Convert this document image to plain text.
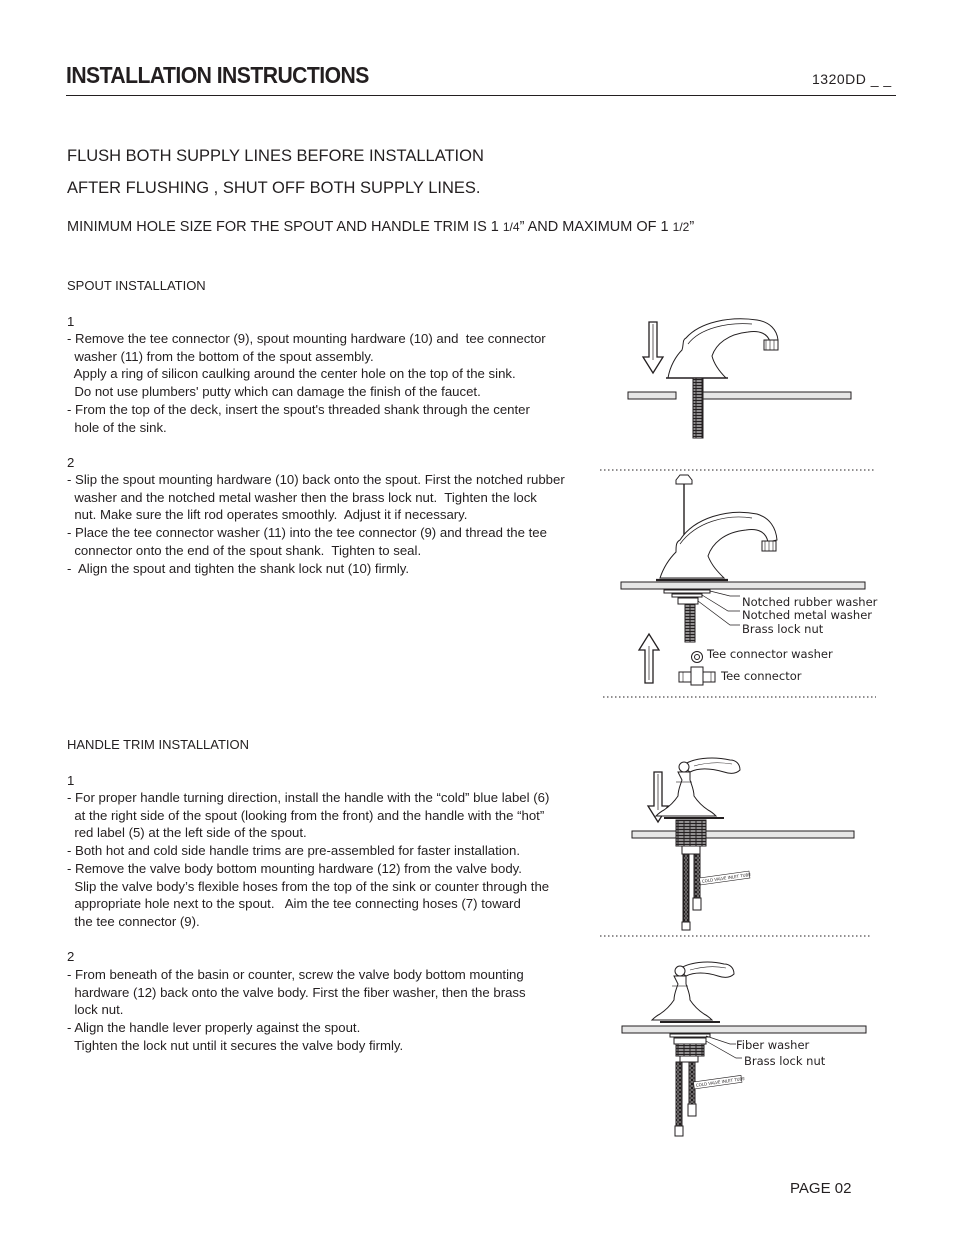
INSTALLATION INSTRUCTIONS	1320DD _ _
FLUSH BOTH SUPPLY LINES BEFORE INSTALLATION
AFTER FLUSHING , SHUT OFF BOTH SUPPLY LINES.
MINIMUM HOLE SIZE FOR THE SPOUT AND HANDLE TRIM IS 1 1/4” AND MAXIMUM OF 1 1/2”
SPOUT INSTALLATION
1
- Remove the tee connector (9), spout mounting hardware (10) and  tee connector
washer (11) from the bottom of the spout assembly.
Apply a ring of silicon caulking around the center hole on the top of the sink.
Do not use plumbers' putty which can damage the finish of the faucet.
- From the top of the deck, insert the spout's threaded shank through the center
hole of the sink.
2
- Slip the spout mounting hardware (10) back onto the spout. First the notched rubber
washer and the notched metal washer then the brass lock nut.  Tighten the lock
nut. Make sure the lift rod operates smoothly.  Adjust it if necessary.
- Place the tee connector washer (11) into the tee connector (9) and thread the tee
connector onto the end of the spout shank.  Tighten to seal.
-  Align the spout and tighten the shank lock nut (10) firmly.
HANDLE TRIM INSTALLATION
1
- For proper handle turning direction, install the handle with the “cold” blue label (6)
at the right side of the spout (looking from the front) and the handle with the “hot”
red label (5) at the left side of the spout.
- Both hot and cold side handle trims are pre-assembled for faster installation.
- Remove the valve body bottom mounting hardware (12) from the valve body.
Slip the valve body’s flexible hoses from the top of the sink or counter through the
appropriate hole next to the spout.   Aim the tee connecting hoses (7) toward
the tee connector (9).
2
- From beneath of the basin or counter, screw the valve body bottom mounting
hardware (12) back onto the valve body. First the fiber washer, then the brass
lock nut.
- Align the handle lever properly against the spout.
Tighten the lock nut until it secures the valve body firmly.
PAGE 02
Notched rubber washer
Notched metal washer
Brass lock nut
Tee connector washer
Tee connector
COLD VALVE INLET TUBE
COLD VALVE INLET TUBE
Fiber washer
Brass lock nut
